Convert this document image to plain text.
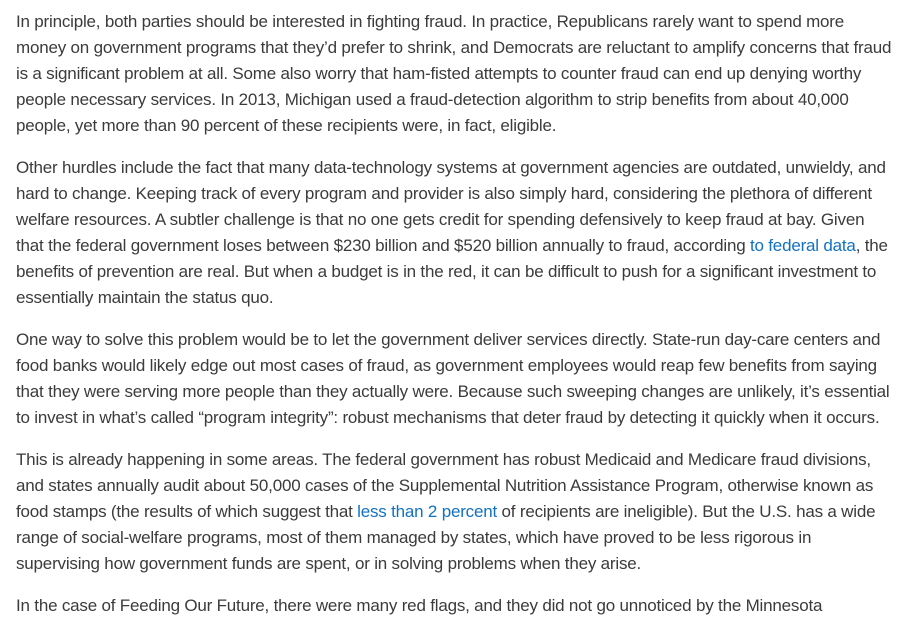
In principle, both parties should be interested in fighting fraud. In practice, Republicans rarely want to spend more money on government programs that they’d prefer to shrink, and Democrats are reluctant to amplify concerns that fraud is a significant problem at all. Some also worry that ham-fisted attempts to counter fraud can end up denying worthy people necessary services. In 2013, Michigan used a fraud-detection algorithm to strip benefits from about 40,000 people, yet more than 90 percent of these recipients were, in fact, eligible.

Other hurdles include the fact that many data-technology systems at government agencies are outdated, unwieldy, and hard to change. Keeping track of every program and provider is also simply hard, considering the plethora of different welfare resources. A subtler challenge is that no one gets credit for spending defensively to keep fraud at bay. Given that the federal government loses between $230 billion and $520 billion annually to fraud, according to federal data, the benefits of prevention are real. But when a budget is in the red, it can be difficult to push for a significant investment to essentially maintain the status quo.

One way to solve this problem would be to let the government deliver services directly. State-run day-care centers and food banks would likely edge out most cases of fraud, as government employees would reap few benefits from saying that they were serving more people than they actually were. Because such sweeping changes are unlikely, it’s essential to invest in what’s called “program integrity”: robust mechanisms that deter fraud by detecting it quickly when it occurs.

This is already happening in some areas. The federal government has robust Medicaid and Medicare fraud divisions, and states annually audit about 50,000 cases of the Supplemental Nutrition Assistance Program, otherwise known as food stamps (the results of which suggest that less than 2 percent of recipients are ineligible). But the U.S. has a wide range of social-welfare programs, most of them managed by states, which have proved to be less rigorous in supervising how government funds are spent, or in solving problems when they arise.

In the case of Feeding Our Future, there were many red flags, and they did not go unnoticed by the Minnesota
